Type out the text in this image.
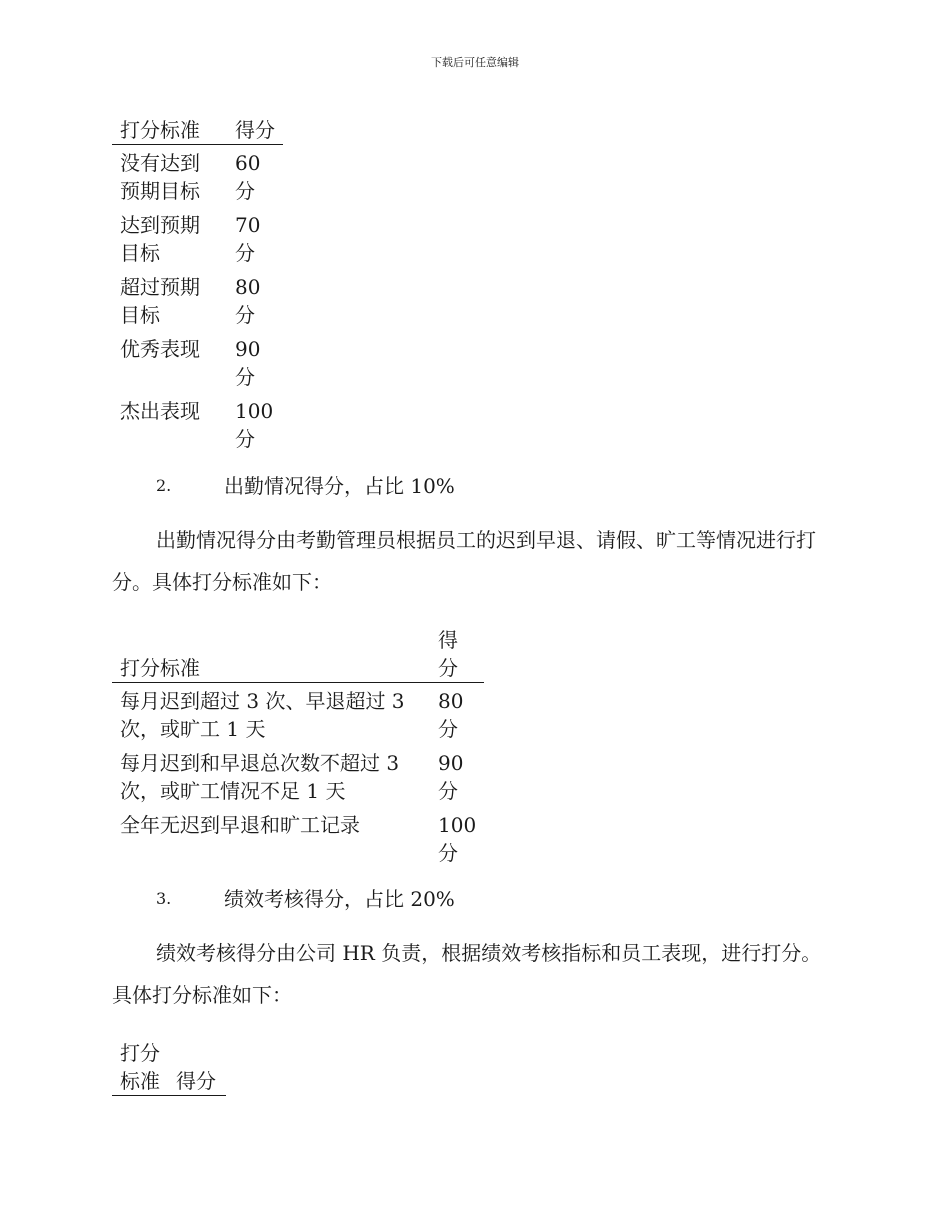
下载后可任意编辑
打分标准	得分
没有达到预期目标	60分
达到预期目标	70分
超过预期目标	80分
优秀表现	90分
杰出表现	100分
2.	出勤情况得分，占比 10%

出勤情况得分由考勤管理员根据员工的迟到早退、请假、旷工等情况进行打分。具体打分标准如下：

打分标准	得分
每月迟到超过 3 次、早退超过 3 次，或旷工 1 天	80分
每月迟到和早退总次数不超过 3 次，或旷工情况不足 1 天	90分
全年无迟到早退和旷工记录	100分
3.	绩效考核得分，占比 20%

绩效考核得分由公司 HR 负责，根据绩效考核指标和员工表现，进行打分。具体打分标准如下：

打分标准	得分
